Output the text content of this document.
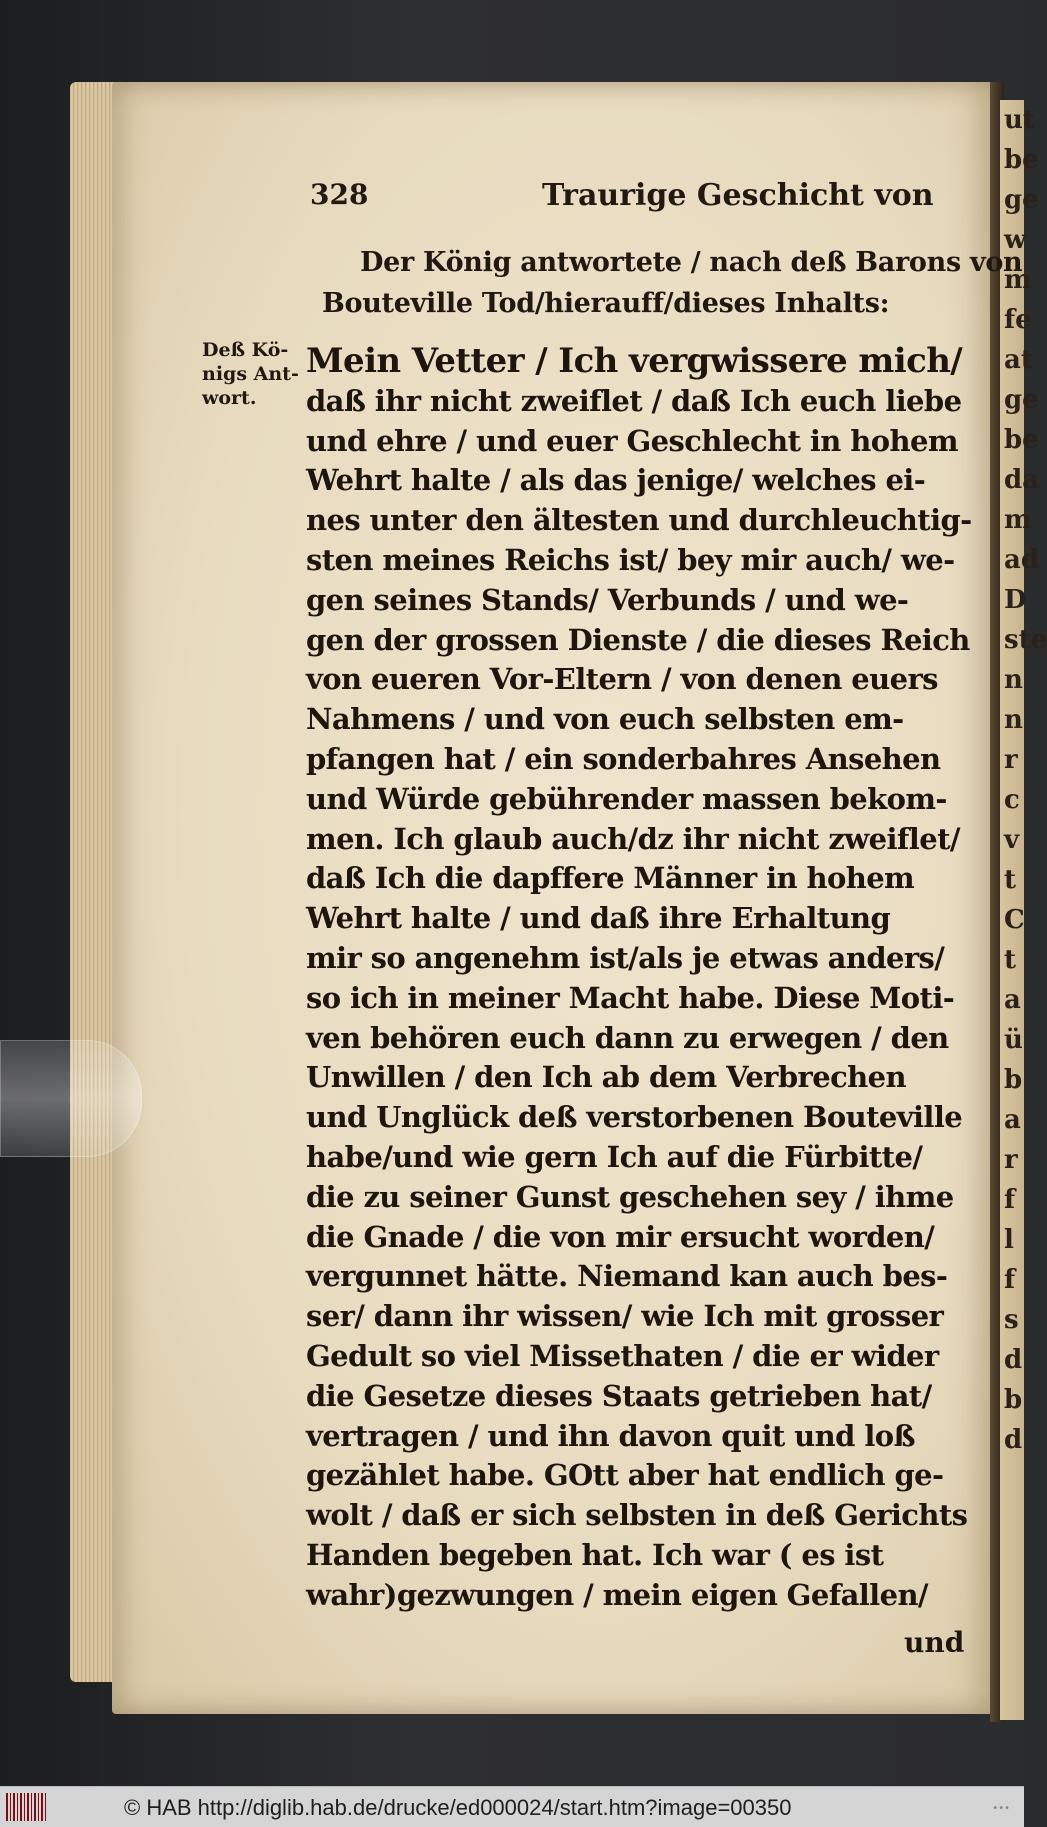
ut
be
ge
w
m
fe
at
ge
be
da
m
ad
D
ste
n
n
r
c
v
t
C
t
a
ü
b
a
r
f
l
f
s
d
b
d
328	Traurige Geschicht von
Der König antwortete / nach deß Barons von
Bouteville Tod/hierauff/dieses Inhalts:
Deß Kö-
nigs Ant-
wort.
Mein Vetter / Ich vergwissere mich/
daß ihr nicht zweiflet / daß Ich euch liebe
und ehre / und euer Geschlecht in hohem
Wehrt halte / als das jenige/ welches ei-
nes unter den ältesten und durchleuchtig-
sten meines Reichs ist/ bey mir auch/ we-
gen seines Stands/ Verbunds / und we-
gen der grossen Dienste / die dieses Reich
von eueren Vor-Eltern / von denen euers
Nahmens / und von euch selbsten em-
pfangen hat / ein sonderbahres Ansehen
und Würde gebührender massen bekom-
men. Ich glaub auch/dz ihr nicht zweiflet/
daß Ich die dapffere Männer in hohem
Wehrt halte / und daß ihre Erhaltung
mir so angenehm ist/als je etwas anders/
so ich in meiner Macht habe. Diese Moti-
ven behören euch dann zu erwegen / den
Unwillen / den Ich ab dem Verbrechen
und Unglück deß verstorbenen Bouteville
habe/und wie gern Ich auf die Fürbitte/
die zu seiner Gunst geschehen sey / ihme
die Gnade / die von mir ersucht worden/
vergunnet hätte. Niemand kan auch bes-
ser/ dann ihr wissen/ wie Ich mit grosser
Gedult so viel Missethaten / die er wider
die Gesetze dieses Staats getrieben hat/
vertragen / und ihn davon quit und loß
gezählet habe. GOtt aber hat endlich ge-
wolt / daß er sich selbsten in deß Gerichts
Handen begeben hat. Ich war ( es ist
wahr)gezwungen / mein eigen Gefallen/
und
© HAB http://diglib.hab.de/drucke/ed000024/start.htm?image=00350	•••
